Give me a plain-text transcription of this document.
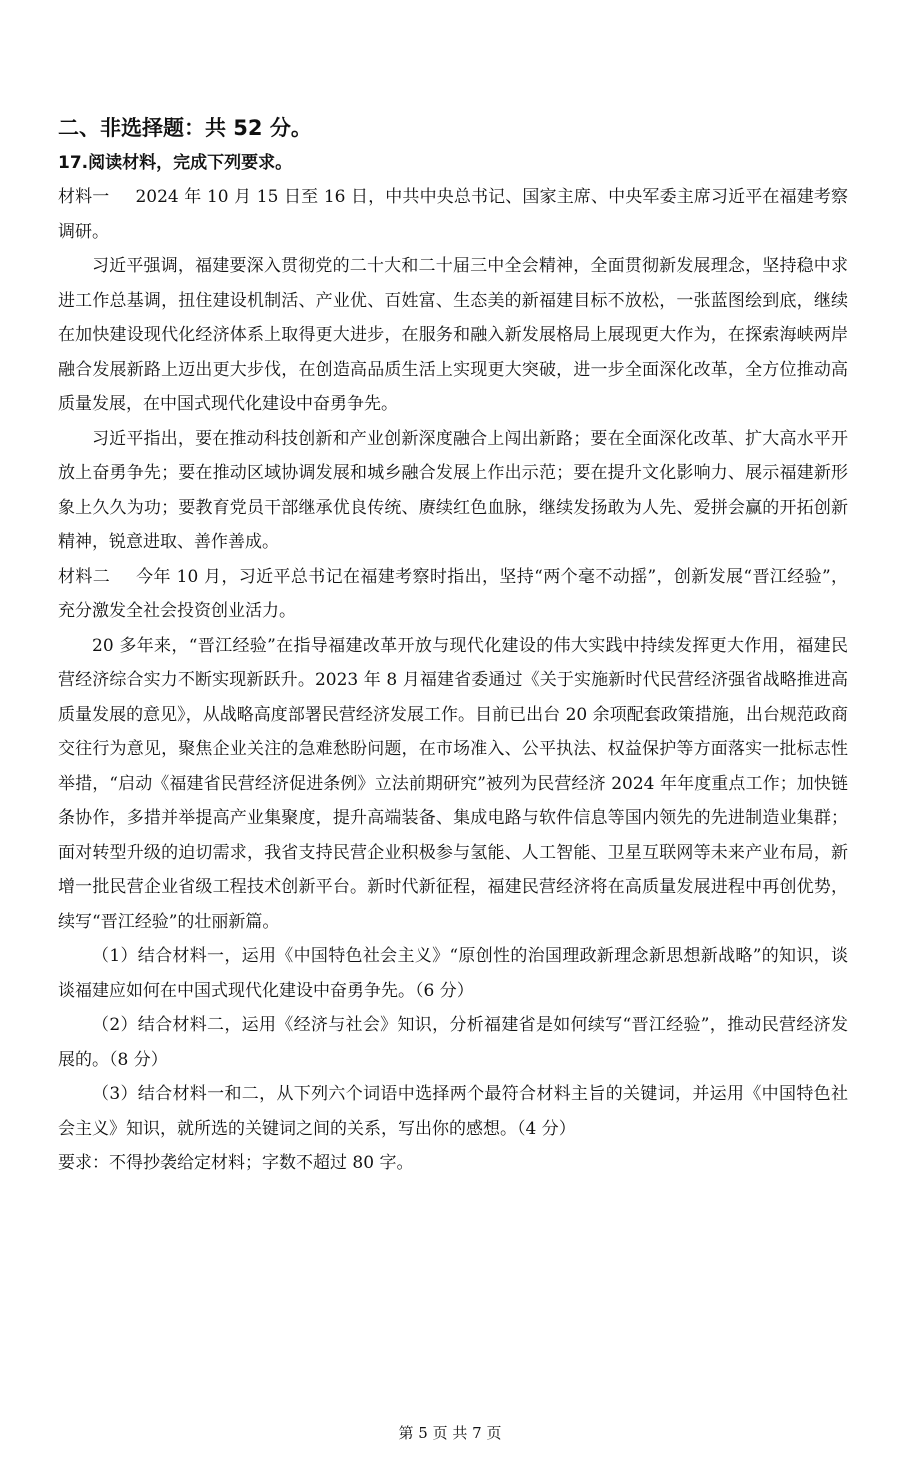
二、非选择题：共 52 分。

17.阅读材料，完成下列要求。

材料一 2024 年 10 月 15 日至 16 日，中共中央总书记、国家主席、中央军委主席习近平在福建考察调研。

习近平强调，福建要深入贯彻党的二十大和二十届三中全会精神，全面贯彻新发展理念，坚持稳中求进工作总基调，扭住建设机制活、产业优、百姓富、生态美的新福建目标不放松，一张蓝图绘到底，继续在加快建设现代化经济体系上取得更大进步，在服务和融入新发展格局上展现更大作为，在探索海峡两岸融合发展新路上迈出更大步伐，在创造高品质生活上实现更大突破，进一步全面深化改革，全方位推动高质量发展，在中国式现代化建设中奋勇争先。

习近平指出，要在推动科技创新和产业创新深度融合上闯出新路；要在全面深化改革、扩大高水平开放上奋勇争先；要在推动区域协调发展和城乡融合发展上作出示范；要在提升文化影响力、展示福建新形象上久久为功；要教育党员干部继承优良传统、赓续红色血脉，继续发扬敢为人先、爱拼会赢的开拓创新精神，锐意进取、善作善成。

材料二 今年 10 月，习近平总书记在福建考察时指出，坚持“两个毫不动摇”，创新发展“晋江经验”，充分激发全社会投资创业活力。

20 多年来，“晋江经验”在指导福建改革开放与现代化建设的伟大实践中持续发挥更大作用，福建民营经济综合实力不断实现新跃升。2023 年 8 月福建省委通过《关于实施新时代民营经济强省战略推进高质量发展的意见》，从战略高度部署民营经济发展工作。目前已出台 20 余项配套政策措施，出台规范政商交往行为意见，聚焦企业关注的急难愁盼问题，在市场准入、公平执法、权益保护等方面落实一批标志性举措，“启动《福建省民营经济促进条例》立法前期研究”被列为民营经济 2024 年年度重点工作；加快链条协作，多措并举提高产业集聚度，提升高端装备、集成电路与软件信息等国内领先的先进制造业集群；面对转型升级的迫切需求，我省支持民营企业积极参与氢能、人工智能、卫星互联网等未来产业布局，新增一批民营企业省级工程技术创新平台。新时代新征程，福建民营经济将在高质量发展进程中再创优势，续写“晋江经验”的壮丽新篇。

（1）结合材料一，运用《中国特色社会主义》“原创性的治国理政新理念新思想新战略”的知识，谈谈福建应如何在中国式现代化建设中奋勇争先。（6 分）

（2）结合材料二，运用《经济与社会》知识，分析福建省是如何续写“晋江经验”，推动民营经济发展的。（8 分）

（3）结合材料一和二，从下列六个词语中选择两个最符合材料主旨的关键词，并运用《中国特色社会主义》知识，就所选的关键词之间的关系，写出你的感想。（4 分）

要求：不得抄袭给定材料；字数不超过 80 字。

第 5 页 共 7 页
